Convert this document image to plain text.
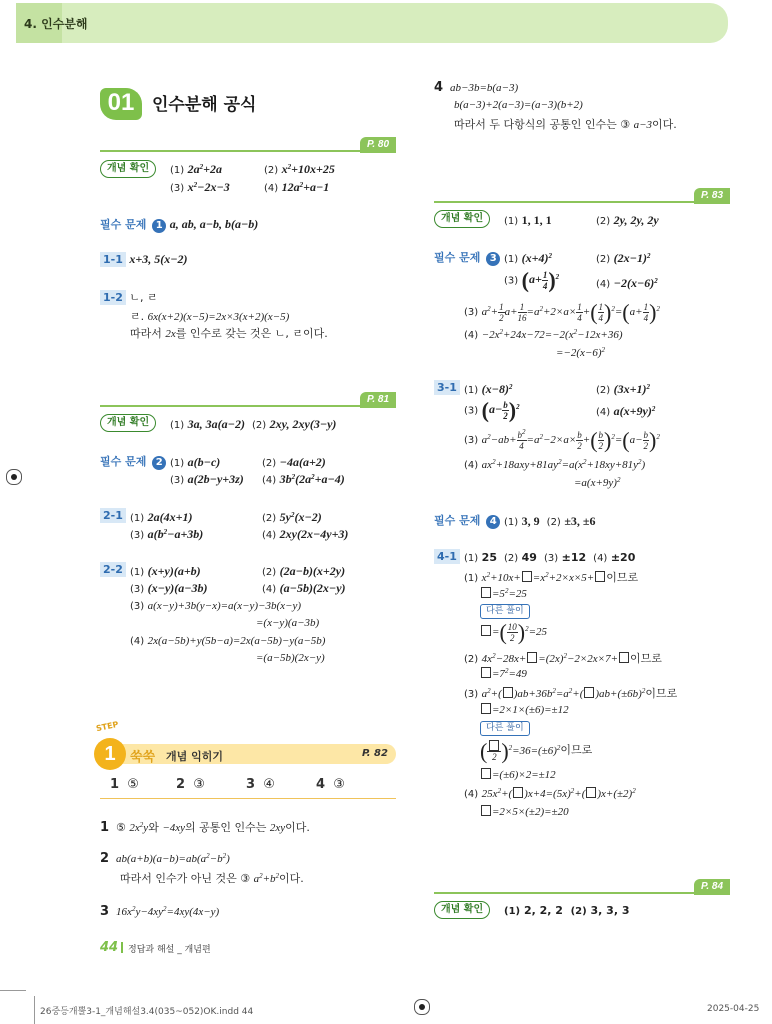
4. 인수분해
01	인수분해 공식
P. 80
개념 확인	(1) $2a^2+2a$	(2) $x^2+10x+25$
(3) $x^2-2x-3$	(4) $12a^2+a-1$
필수 문제 1 a, ab, a−b, b(a−b)
1-1 x+3, 5(x−2)
1-2 ㄴ, ㄹ
ㄹ. 6x(x+2)(x−5)=2x×3(x+2)(x−5)
따라서 2x를 인수로 갖는 것은 ㄴ, ㄹ이다.
P. 81
개념 확인	(1) 3a, 3a(a−2) (2) 2xy, 2xy(3−y)
필수 문제 2 (1) a(b−c)	(2) −4a(a+2)
(3) a(2b−y+3z) (4) $3b^2(2a^2+a-4)$
2-1 (1) 2a(4x+1)	(2) $5y^2(x-2)$
(3) $a(b^2-a+3b)$	(4) 2xy(2x−4y+3)
2-2 (1) (x+y)(a+b)	(2) (2a−b)(x+2y)
(3) (x−y)(a−3b)	(4) (a−5b)(2x−y)
(3) a(x−y)+3b(y−x)=a(x−y)−3b(x−y)
=(x−y)(a−3b)
(4) 2x(a−5b)+y(5b−a)=2x(a−5b)−y(a−5b)
=(a−5b)(2x−y)
STEP
1	쑥쑥 개념 익히기	P. 82
1  ⑤	2  ③	3  ④	4  ③
1  ⑤ $2x^2y$와 −4xy의 공통인 인수는 2xy이다.
2 $ab(a+b)(a-b)=ab(a^2-b^2)$
따라서 인수가 아닌 것은 ③ $a^2+b^2$이다.
3 $16x^2y-4xy^2=4xy(4x-y)$
4 ab−3b=b(a−3)
b(a−3)+2(a−3)=(a−3)(b+2)
따라서 두 다항식의 공통인 인수는 ③ a−3이다.
P. 83
개념 확인	(1) 1, 1, 1	(2) 2y, 2y, 2y
필수 문제 3 (1) $(x+4)^2$	(2) $(2x-1)^2$
(3) $(a+ \frac{1}{4} )^2$
$(4) -2(x-6)^2$
(3) $a^2+ \frac{1}{2} a+ \frac{1}{16} =a^2+2\times a\times \frac{1}{4}$ +( $\frac{1}{4} )^2=(a+ \frac{1}{4} )^2$
$(4) -2x^2+24x-72=-2(x^2-12x+36)$
$=-2(x-6)^2$
3-1 (1) $(x-8)^2$	(2) $(3x+1)^2$
(3) $(a- \frac{b}{2} )^2$	(4) $a(x+9y)^2$
(3) $a^2-ab+ \frac{b^2}{4} =a^2-2\times a\times \frac{b}{2}$ +( $\frac{b}{2} )^2=(a- \frac{b}{2} )^2$
(4) $ax^2+18axy+81ay^2=a(x^2+18xy+81y^2)$
$=a(x+9y)^2$
필수 문제 4 (1) 3, 9 (2) ±3, ±6
4-1 (1) 25 (2) 49 (3) ±12 (4) ±20
(1) $x^2+10x+ =x^2+2\times x\times 5+$ 이므로
$=5^2=25$
다른 풀이
=( $\frac{10}{2} )^2=25$
(2) $4x^2-28x+ =(2x)^2-2\times 2x\times 7+$ 이므로
$=7^2=49$
(3) $a^2+$( )$ab+36b^2=a^2+$( )$ab+(\pm 6b)^2$이므로
=2×1×(±6)=±12
다른 풀이
( 2 )$^2=36=(\pm 6)^2$이므로
=(±6)×2=±12
(4) $25x^2+$( )$x+4=(5x)^2+$( )$x+(\pm 2)^2$
=2×5×(±2)=±20
P. 84
개념 확인	(1) 2, 2, 2  (2) 3, 3, 3
44 정답과 해설 _ 개념편
26중등개뿔3-1_개념해설3.4(035~052)OK.indd 44	2025-04-25
